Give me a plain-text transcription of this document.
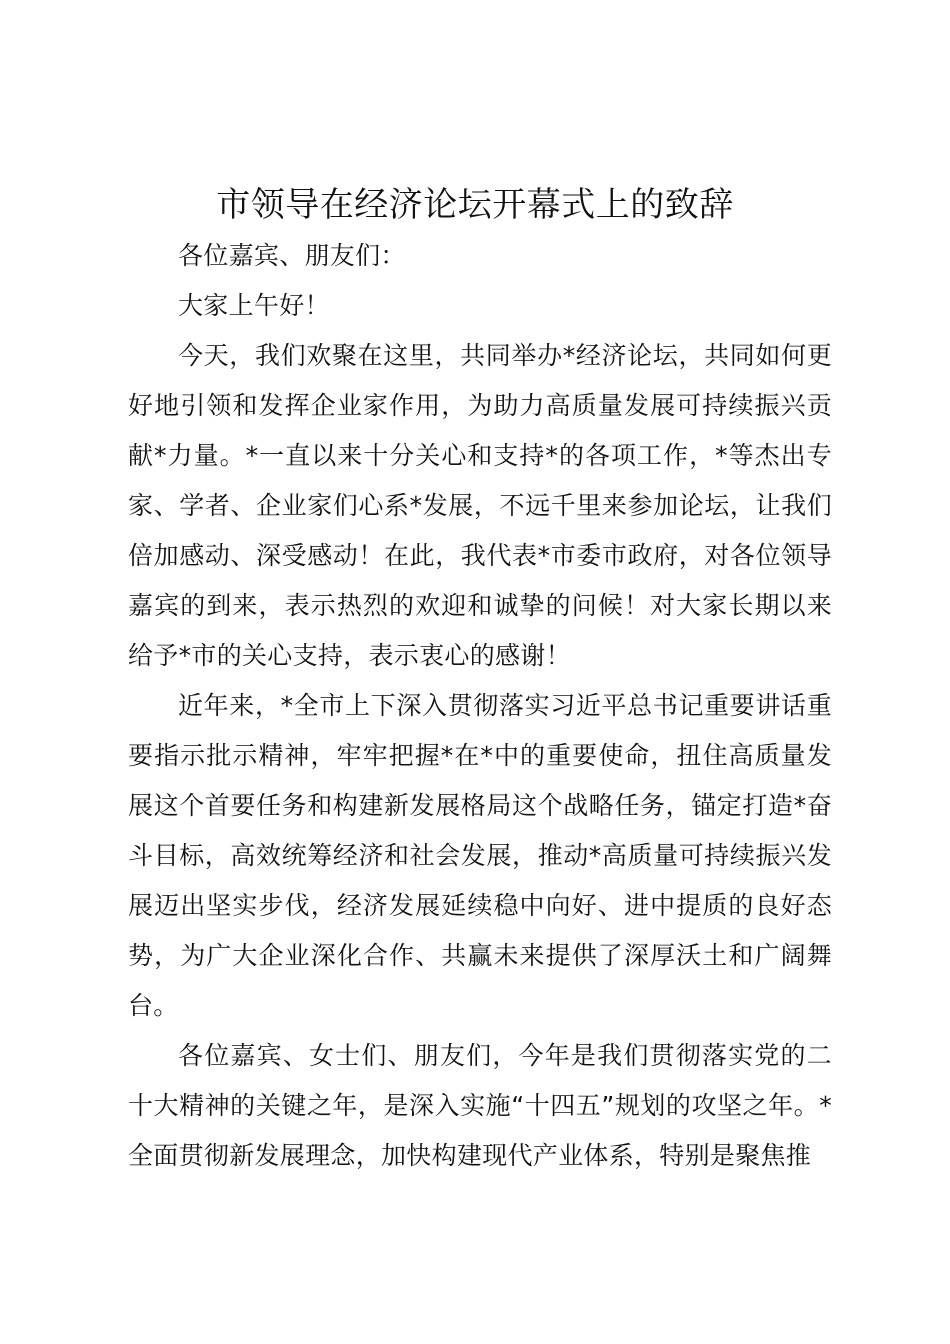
市领导在经济论坛开幕式上的致辞

各位嘉宾、朋友们：

大家上午好！

今天，我们欢聚在这里，共同举办*经济论坛，共同如何更好地引领和发挥企业家作用，为助力高质量发展可持续振兴贡献*力量。*一直以来十分关心和支持*的各项工作，*等杰出专家、学者、企业家们心系*发展，不远千里来参加论坛，让我们倍加感动、深受感动！在此，我代表*市委市政府，对各位领导嘉宾的到来，表示热烈的欢迎和诚挚的问候！对大家长期以来给予*市的关心支持，表示衷心的感谢！

近年来，*全市上下深入贯彻落实习近平总书记重要讲话重要指示批示精神，牢牢把握*在*中的重要使命，扭住高质量发展这个首要任务和构建新发展格局这个战略任务，锚定打造*奋斗目标，高效统筹经济和社会发展，推动*高质量可持续振兴发展迈出坚实步伐，经济发展延续稳中向好、进中提质的良好态势，为广大企业深化合作、共赢未来提供了深厚沃土和广阔舞台。

各位嘉宾、女士们、朋友们，今年是我们贯彻落实党的二十大精神的关键之年，是深入实施“十四五”规划的攻坚之年。*全面贯彻新发展理念，加快构建现代产业体系，特别是聚焦推
